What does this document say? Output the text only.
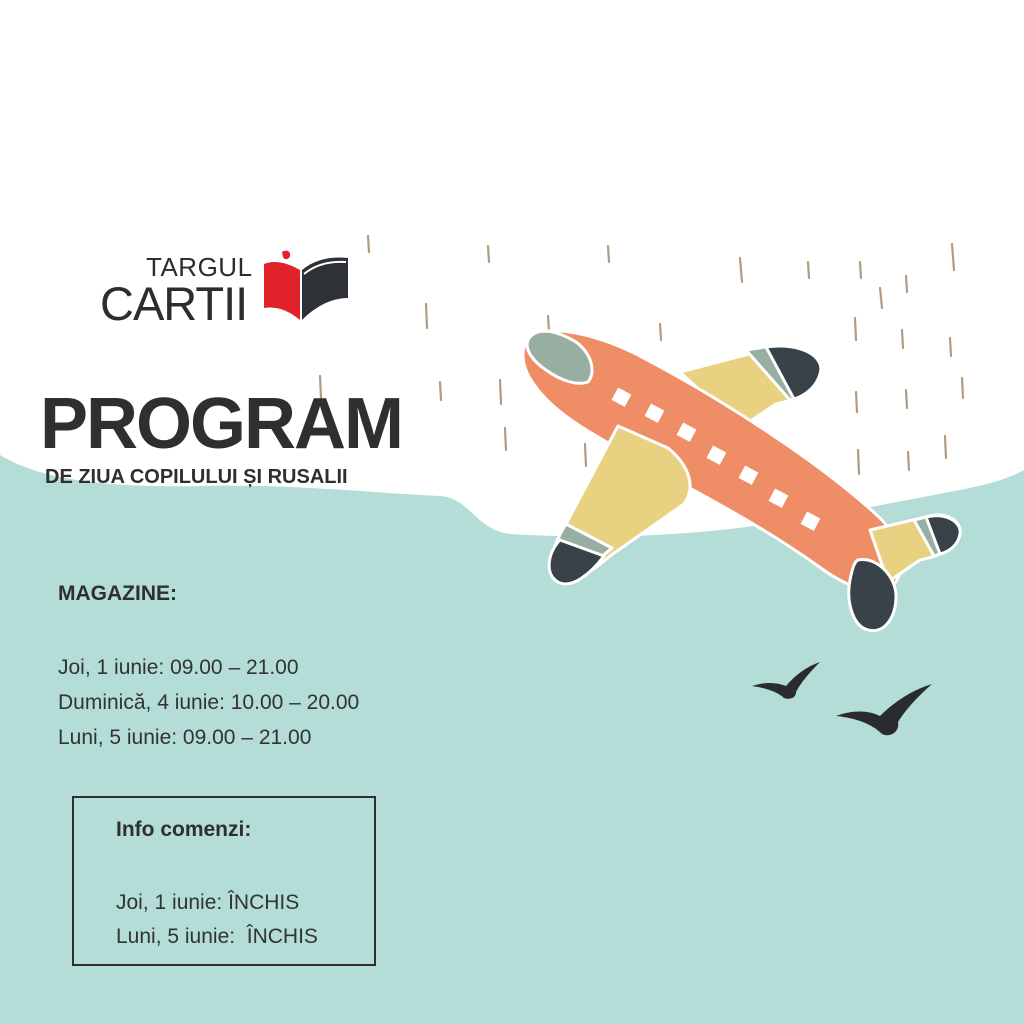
TARGUL

CARTII

PROGRAM
DE ZIUA COPILULUI ȘI RUSALII
MAGAZINE:
Joi, 1 iunie: 09.00 – 21.00
Duminică, 4 iunie: 10.00 – 20.00
Luni, 5 iunie: 09.00 – 21.00
Info comenzi:
Joi, 1 iunie: ÎNCHIS
Luni, 5 iunie:  ÎNCHIS
